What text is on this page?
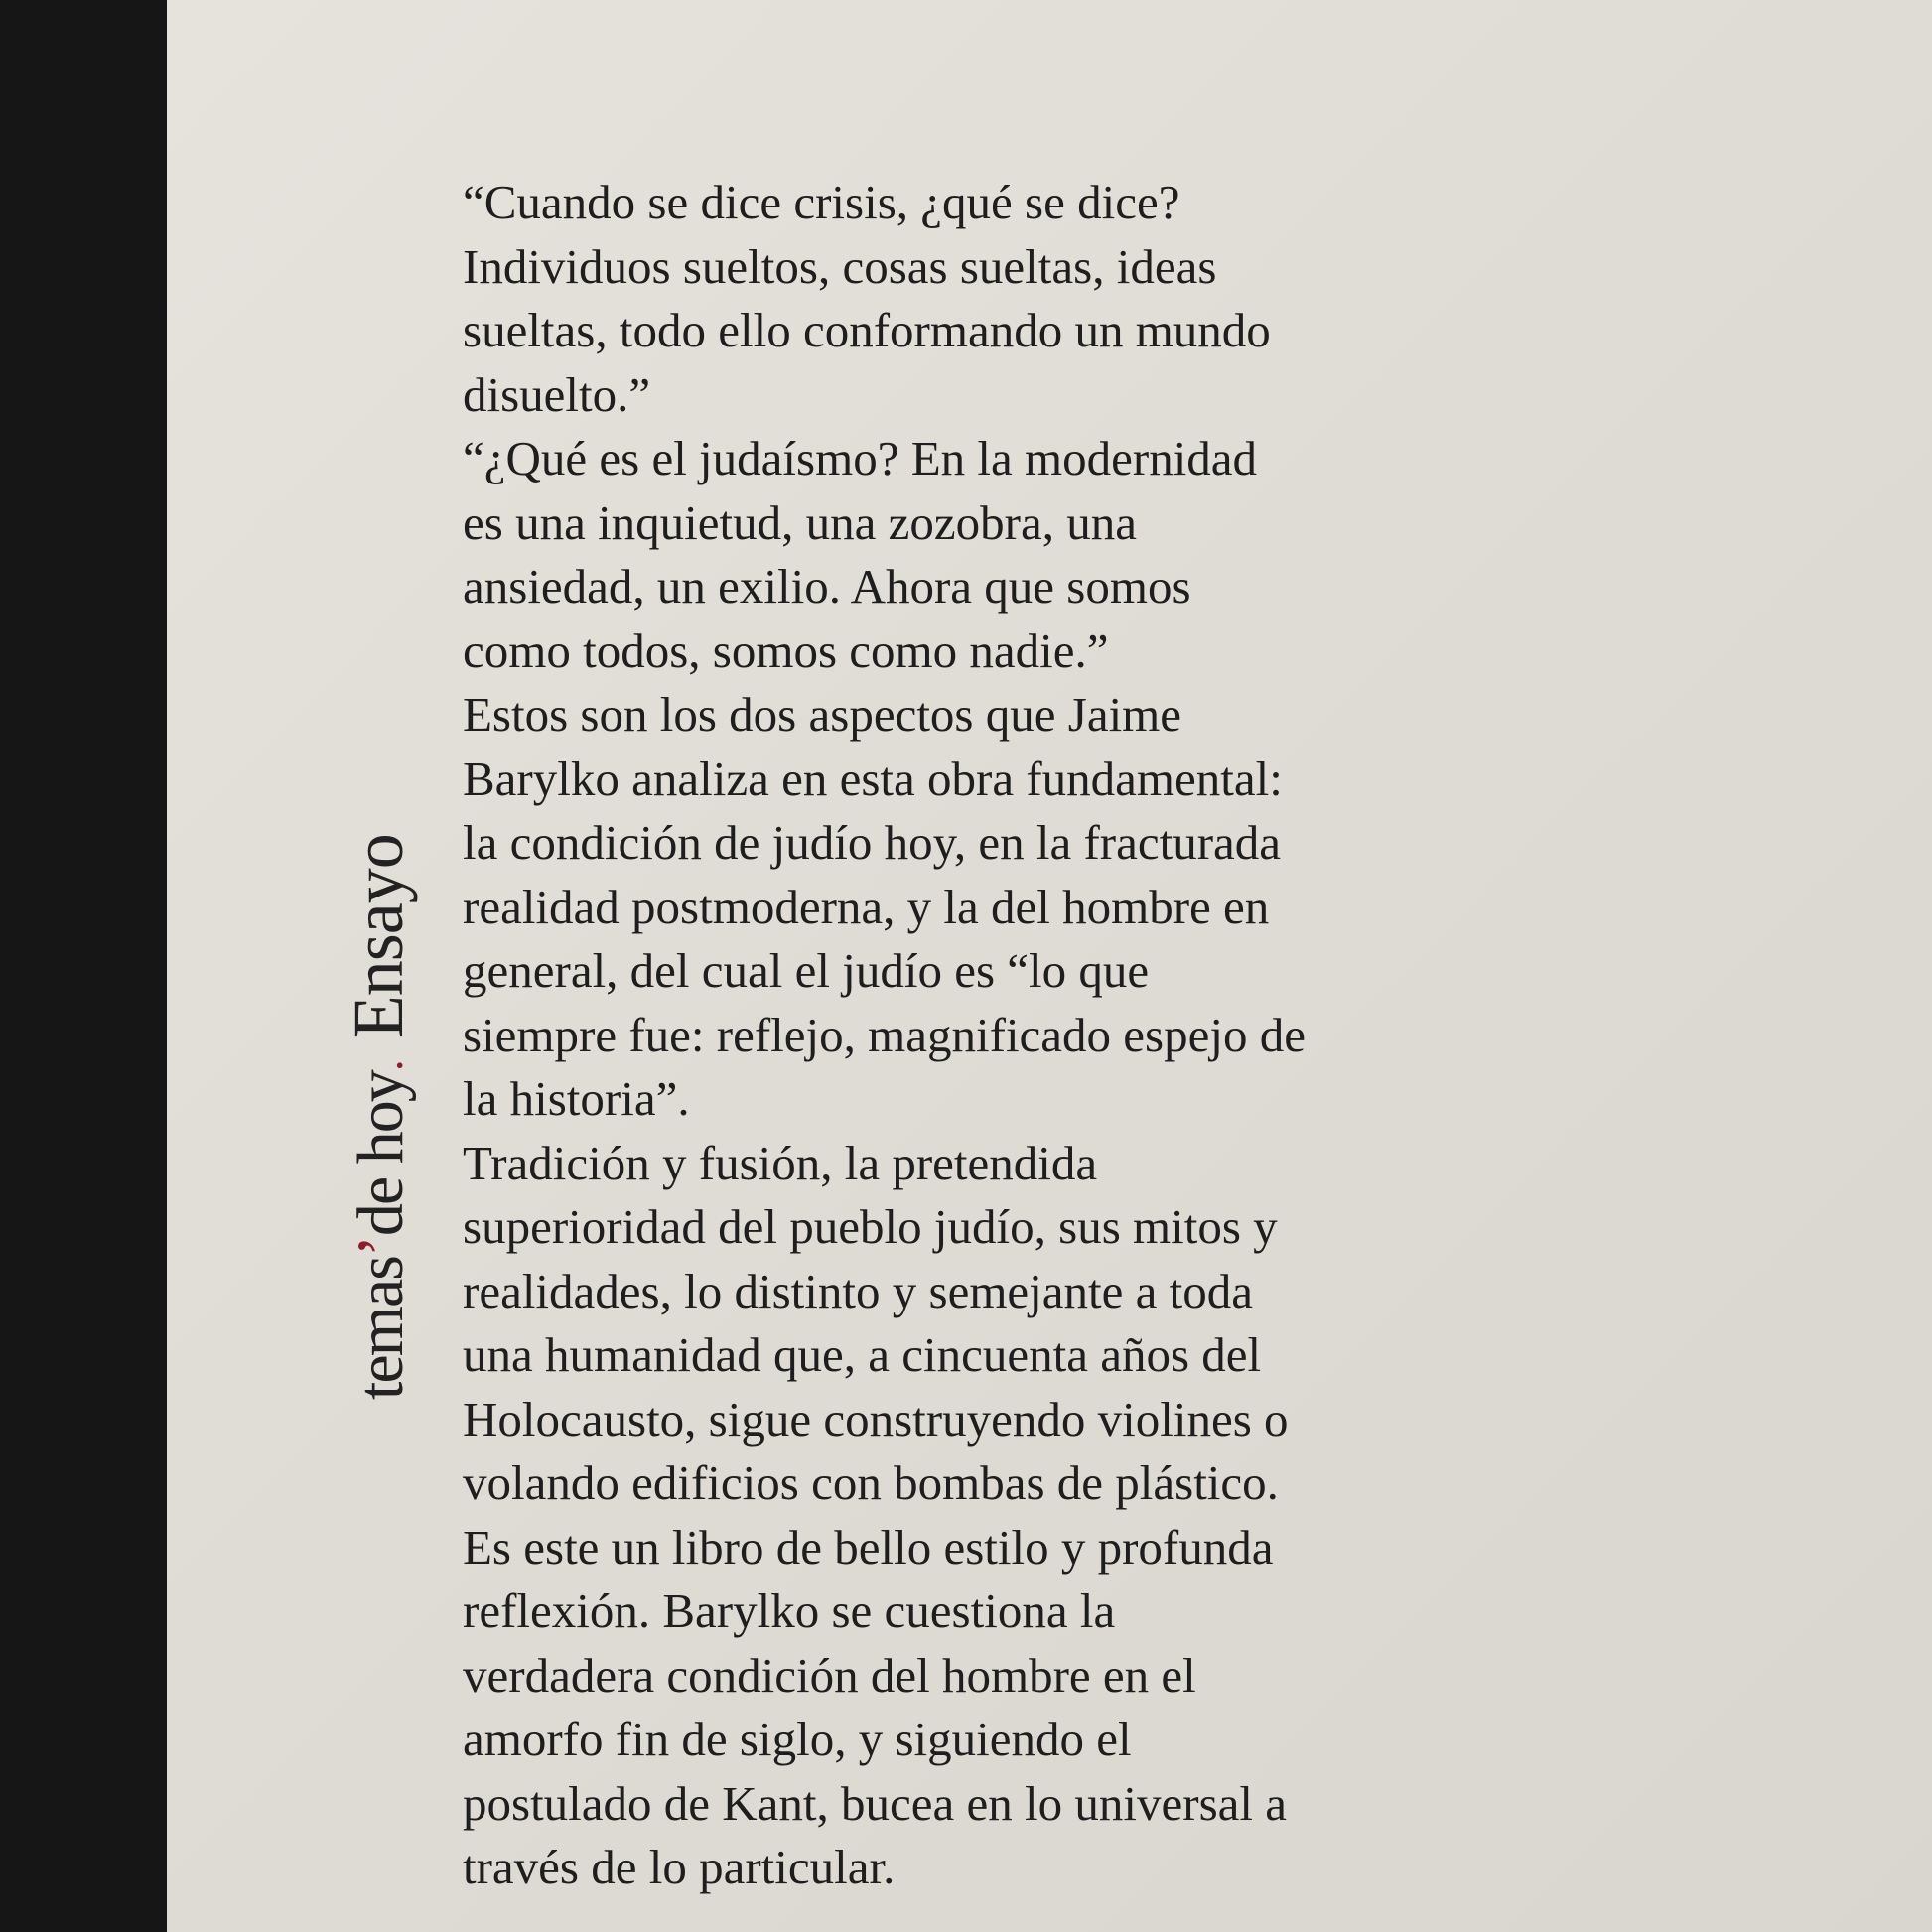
temas’de hoy.Ensayo
“Cuando se dice crisis, ¿qué se dice?
Individuos sueltos, cosas sueltas, ideas
sueltas, todo ello conformando un mundo
disuelto.”
“¿Qué es el judaísmo? En la modernidad
es una inquietud, una zozobra, una
ansiedad, un exilio. Ahora que somos
como todos, somos como nadie.”
Estos son los dos aspectos que Jaime
Barylko analiza en esta obra fundamental:
la condición de judío hoy, en la fracturada
realidad postmoderna, y la del hombre en
general, del cual el judío es “lo que
siempre fue: reflejo, magnificado espejo de
la historia”.
Tradición y fusión, la pretendida
superioridad del pueblo judío, sus mitos y
realidades, lo distinto y semejante a toda
una humanidad que, a cincuenta años del
Holocausto, sigue construyendo violines o
volando edificios con bombas de plástico.
Es este un libro de bello estilo y profunda
reflexión. Barylko se cuestiona la
verdadera condición del hombre en el
amorfo fin de siglo, y siguiendo el
postulado de Kant, bucea en lo universal a
través de lo particular.
